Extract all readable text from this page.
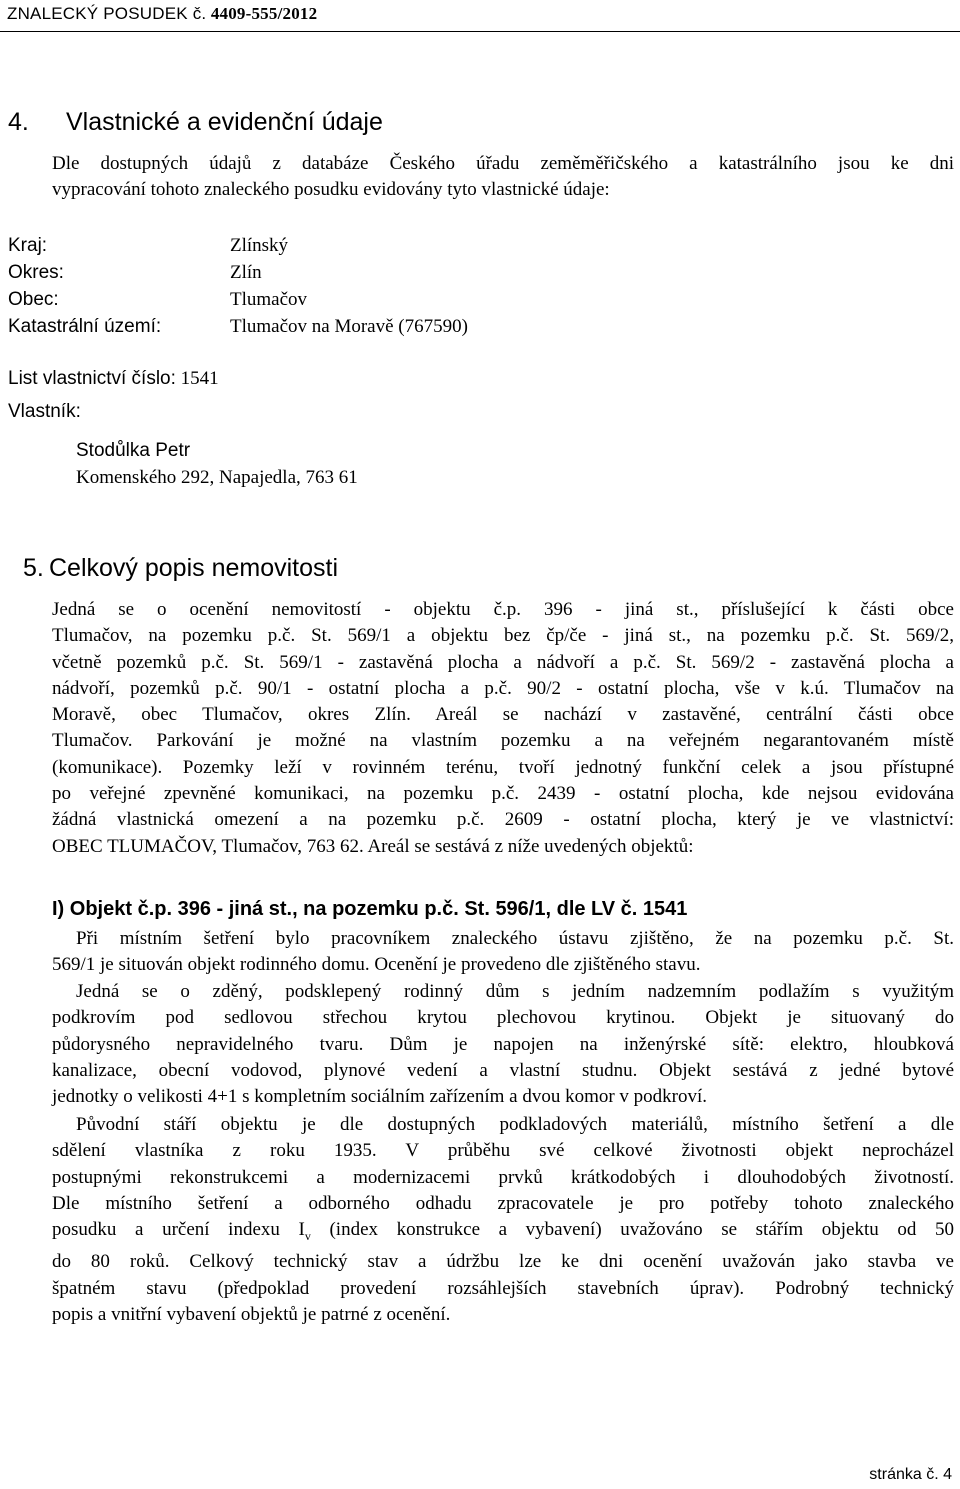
ZNALECKÝ POSUDEK č. 4409-555/2012
4. Vlastnické a evidenční údaje
Dle dostupných údajů z databáze Českého úřadu zeměměřičského a katastrálního jsou ke dni
vypracování tohoto znaleckého posudku evidovány tyto vlastnické údaje:
Kraj:	Zlínský
Okres:	Zlín
Obec:	Tlumačov
Katastrální území:	Tlumačov na Moravě (767590)
List vlastnictví číslo: 1541
Vlastník:
Stodůlka Petr
Komenského 292, Napajedla, 763 61
5. Celkový popis nemovitosti
Jedná se o ocenění nemovitostí - objektu č.p. 396 - jiná st., příslušející k části obce
Tlumačov, na pozemku p.č. St. 569/1 a objektu bez čp/če - jiná st., na pozemku p.č. St. 569/2,
včetně pozemků p.č. St. 569/1 - zastavěná plocha a nádvoří a p.č. St. 569/2 - zastavěná plocha a
nádvoří, pozemků p.č. 90/1 - ostatní plocha a p.č. 90/2 - ostatní plocha, vše v k.ú. Tlumačov na
Moravě, obec Tlumačov, okres Zlín. Areál se nachází v zastavěné, centrální části obce
Tlumačov. Parkování je možné na vlastním pozemku a na veřejném negarantovaném místě
(komunikace). Pozemky leží v rovinném terénu, tvoří jednotný funkční celek a jsou přístupné
po veřejné zpevněné komunikaci, na pozemku p.č. 2439 - ostatní plocha, kde nejsou evidována
žádná vlastnická omezení a na pozemku p.č. 2609 - ostatní plocha, který je ve vlastnictví:
OBEC TLUMAČOV, Tlumačov, 763 62. Areál se sestává z níže uvedených objektů:
I) Objekt č.p. 396 - jiná st., na pozemku p.č. St. 596/1, dle LV č. 1541
Při místním šetření bylo pracovníkem znaleckého ústavu zjištěno, že na pozemku p.č. St.
569/1 je situován objekt rodinného domu. Ocenění je provedeno dle zjištěného stavu.
Jedná se o zděný, podsklepený rodinný dům s jedním nadzemním podlažím s využitým
podkrovím pod sedlovou střechou krytou plechovou krytinou. Objekt je situovaný do
půdorysného nepravidelného tvaru. Dům je napojen na inženýrské sítě: elektro, hloubková
kanalizace, obecní vodovod, plynové vedení a vlastní studnu. Objekt sestává z jedné bytové
jednotky o velikosti 4+1 s kompletním sociálním zařízením a dvou komor v podkroví.
Původní stáří objektu je dle dostupných podkladových materiálů, místního šetření a dle
sdělení vlastníka z roku 1935. V průběhu své celkové životnosti objekt neprocházel
postupnými rekonstrukcemi a modernizacemi prvků krátkodobých i dlouhodobých životností.
Dle místního šetření a odborného odhadu zpracovatele je pro potřeby tohoto znaleckého
posudku a určení indexu $I_v$ (index konstrukce a vybavení) uvažováno se stářím objektu od 50
do 80 roků. Celkový technický stav a údržbu lze ke dni ocenění uvažován jako stavba ve
špatném stavu (předpoklad provedení rozsáhlejších stavebních úprav). Podrobný technický
popis a vnitřní vybavení objektů je patrné z ocenění.
stránka č. 4
